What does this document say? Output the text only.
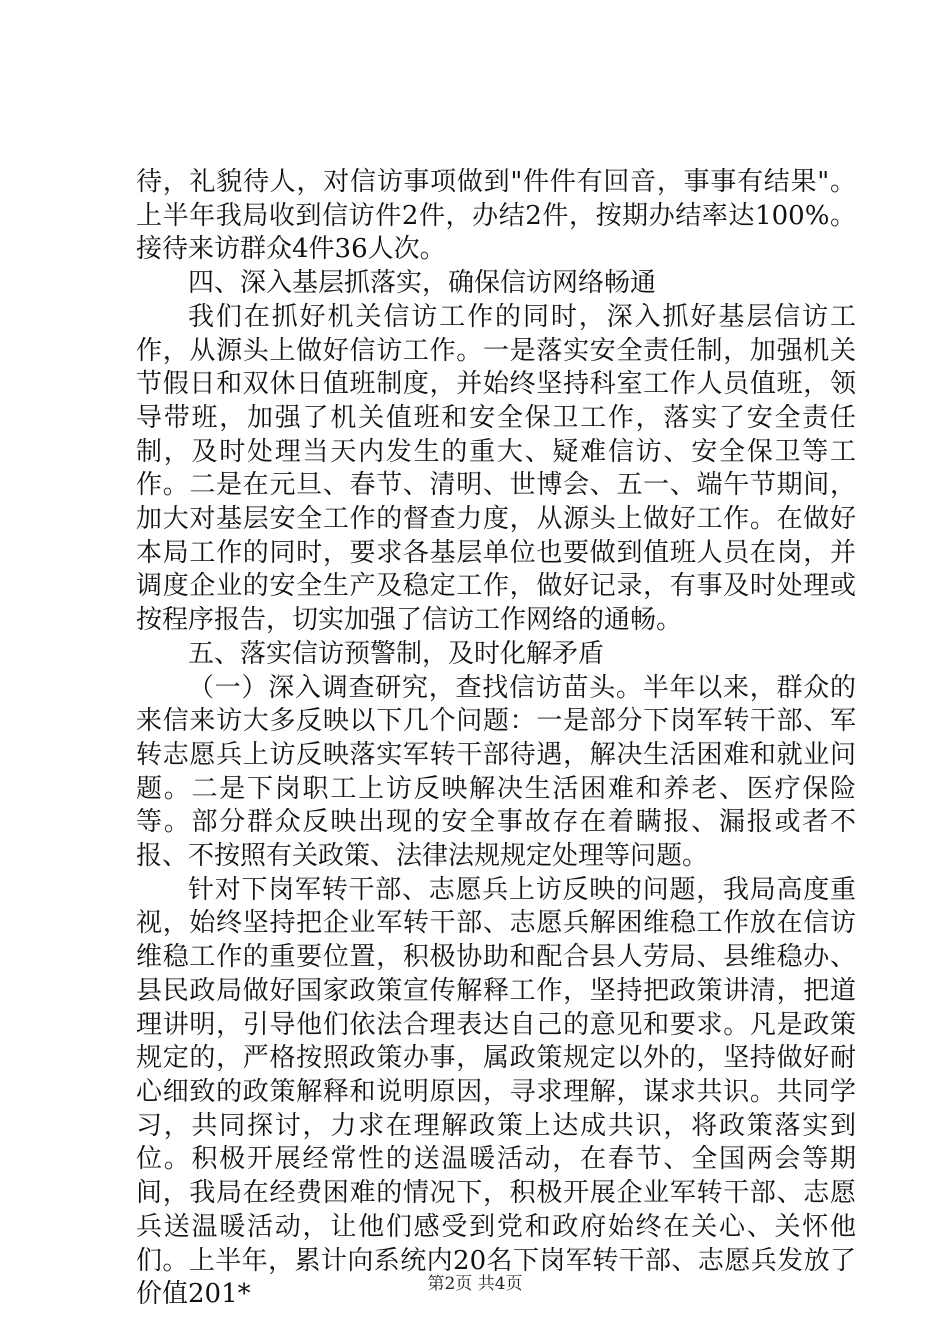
待，礼貌待人，对信访事项做到"件件有回音，事事有结果"。上半年我局收到信访件2件，办结2件，按期办结率达100%。接待来访群众4件36人次。

四、深入基层抓落实，确保信访网络畅通

我们在抓好机关信访工作的同时，深入抓好基层信访工作，从源头上做好信访工作。一是落实安全责任制，加强机关节假日和双休日值班制度，并始终坚持科室工作人员值班，领导带班，加强了机关值班和安全保卫工作，落实了安全责任制，及时处理当天内发生的重大、疑难信访、安全保卫等工作。二是在元旦、春节、清明、世博会、五一、端午节期间，加大对基层安全工作的督查力度，从源头上做好工作。在做好本局工作的同时，要求各基层单位也要做到值班人员在岗，并调度企业的安全生产及稳定工作，做好记录，有事及时处理或按程序报告，切实加强了信访工作网络的通畅。

五、落实信访预警制，及时化解矛盾

（一）深入调查研究，查找信访苗头。半年以来，群众的来信来访大多反映以下几个问题：一是部分下岗军转干部、军转志愿兵上访反映落实军转干部待遇，解决生活困难和就业问题。二是下岗职工上访反映解决生活困难和养老、医疗保险等。部分群众反映出现的安全事故存在着瞒报、漏报或者不报、不按照有关政策、法律法规规定处理等问题。

针对下岗军转干部、志愿兵上访反映的问题，我局高度重视，始终坚持把企业军转干部、志愿兵解困维稳工作放在信访维稳工作的重要位置，积极协助和配合县人劳局、县维稳办、县民政局做好国家政策宣传解释工作，坚持把政策讲清，把道理讲明，引导他们依法合理表达自己的意见和要求。凡是政策规定的，严格按照政策办事，属政策规定以外的，坚持做好耐心细致的政策解释和说明原因，寻求理解，谋求共识。共同学习，共同探讨，力求在理解政策上达成共识，将政策落实到位。积极开展经常性的送温暖活动，在春节、全国两会等期间，我局在经费困难的情况下，积极开展企业军转干部、志愿兵送温暖活动，让他们感受到党和政府始终在关心、关怀他们。上半年，累计向系统内20名下岗军转干部、志愿兵发放了价值201*	第2页 共4页
